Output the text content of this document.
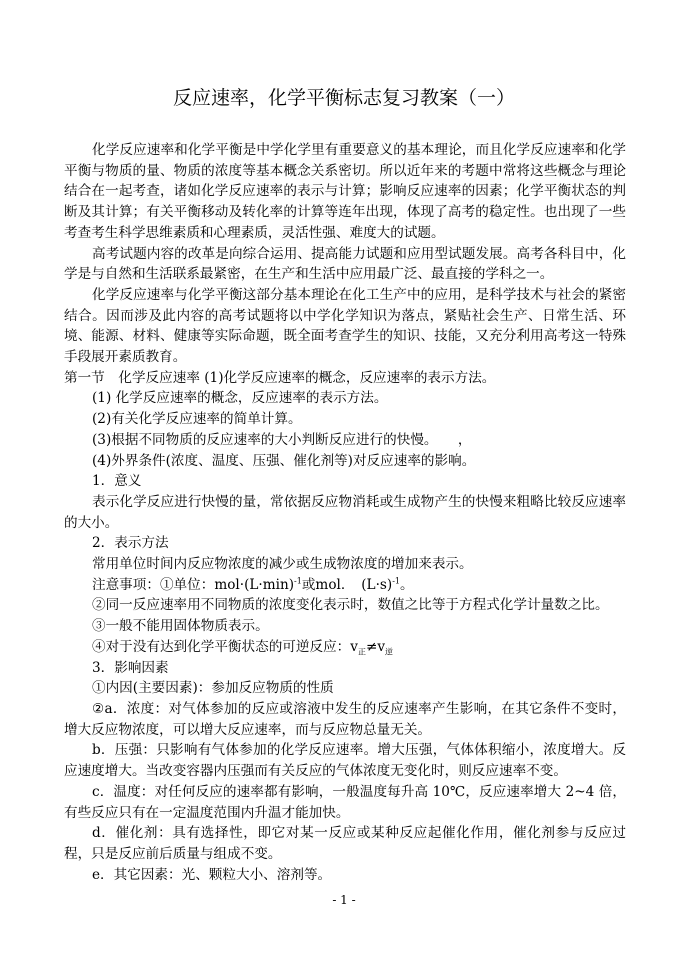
反应速率，化学平衡标志复习教案（一）

化学反应速率和化学平衡是中学化学里有重要意义的基本理论，而且化学反应速率和化学平衡与物质的量、物质的浓度等基本概念关系密切。所以近年来的考题中常将这些概念与理论结合在一起考查，诸如化学反应速率的表示与计算；影响反应速率的因素；化学平衡状态的判断及其计算；有关平衡移动及转化率的计算等连年出现，体现了高考的稳定性。也出现了一些考查考生科学思维素质和心理素质，灵活性强、难度大的试题。

高考试题内容的改革是向综合运用、提高能力试题和应用型试题发展。高考各科目中，化学是与自然和生活联系最紧密，在生产和生活中应用最广泛、最直接的学科之一。

化学反应速率与化学平衡这部分基本理论在化工生产中的应用，是科学技术与社会的紧密结合。因而涉及此内容的高考试题将以中学化学知识为落点，紧贴社会生产、日常生活、环境、能源、材料、健康等实际命题，既全面考查学生的知识、技能，又充分利用高考这一特殊手段展开素质教育。

第一节　化学反应速率 (1)化学反应速率的概念，反应速率的表示方法。

(1) 化学反应速率的概念，反应速率的表示方法。

(2)有关化学反应速率的简单计算。

(3)根据不同物质的反应速率的大小判断反应进行的快慢。　　，

(4)外界条件(浓度、温度、压强、催化剂等)对反应速率的影响。

1．意义

表示化学反应进行快慢的量，常依据反应物消耗或生成物产生的快慢来粗略比较反应速率的大小。

2．表示方法

常用单位时间内反应物浓度的减少或生成物浓度的增加来表示。

注意事项：①单位：$mol\cdot(L\cdot\min)^{-1}$或mol．　$(L\cdot s)^{-1}$。

②同一反应速率用不同物质的浓度变化表示时，数值之比等于方程式化学计量数之比。

③一般不能用固体物质表示。

④对于没有达到化学平衡状态的可逆反应：$v_正\ne v_逆$

3．影响因素

①内因(主要因素)：参加反应物质的性质

②a．浓度：对气体参加的反应或溶液中发生的反应速率产生影响，在其它条件不变时，增大反应物浓度，可以增大反应速率，而与反应物总量无关。

b．压强：只影响有气体参加的化学反应速率。增大压强，气体体积缩小，浓度增大。反应速度增大。当改变容器内压强而有关反应的气体浓度无变化时，则反应速率不变。

c．温度：对任何反应的速率都有影响，一般温度每升高 10℃，反应速率增大 2~4 倍，有些反应只有在一定温度范围内升温才能加快。

d．催化剂：具有选择性，即它对某一反应或某种反应起催化作用，催化剂参与反应过程，只是反应前后质量与组成不变。

e．其它因素：光、颗粒大小、溶剂等。

- 1 -
